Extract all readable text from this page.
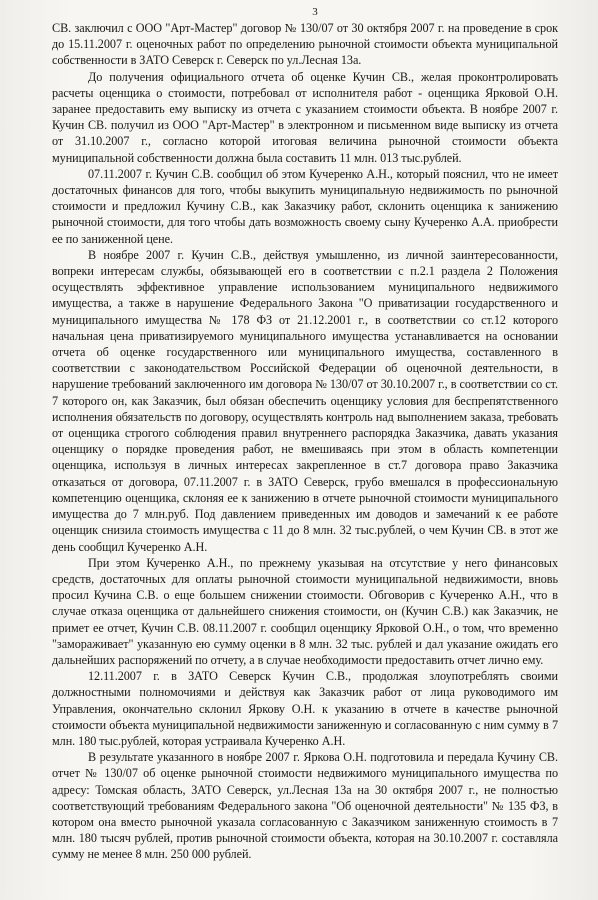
3

СВ. заключил с ООО "Арт-Мастер" договор № 130/07 от 30 октября 2007 г. на проведение в срок до 15.11.2007 г. оценочных работ по определению рыночной стоимости объекта муниципальной собственности в ЗАТО Северск г. Северск по ул.Лесная 13а.

До получения официального отчета об оценке Кучин СВ., желая проконтролировать расчеты оценщика о стоимости, потребовал от исполнителя работ - оценщика Ярковой О.Н. заранее предоставить ему выписку из отчета с указанием стоимости объекта. В ноябре 2007 г. Кучин СВ. получил из ООО "Арт-Мастер" в электронном и письменном виде выписку из отчета от 31.10.2007 г., согласно которой итоговая величина рыночной стоимости объекта муниципальной собственности должна была составить 11 млн. 013 тыс.рублей.

07.11.2007 г. Кучин С.В. сообщил об этом Кучеренко А.Н., который пояснил, что не имеет достаточных финансов для того, чтобы выкупить муниципальную недвижимость по рыночной стоимости и предложил Кучину С.В., как Заказчику работ, склонить оценщика к занижению рыночной стоимости, для того чтобы дать возможность своему сыну Кучеренко А.А. приобрести ее по заниженной цене.

В ноябре 2007 г. Кучин С.В., действуя умышленно, из личной заинтересованности, вопреки интересам службы, обязывающей его в соответствии с п.2.1 раздела 2 Положения осуществлять эффективное управление использованием муниципального недвижимого имущества, а также в нарушение Федерального Закона "О приватизации государственного и муниципального имущества № 178 ФЗ от 21.12.2001 г., в соответствии со ст.12 которого начальная цена приватизируемого муниципального имущества устанавливается на основании отчета об оценке государственного или муниципального имущества, составленного в соответствии с законодательством Российской Федерации об оценочной деятельности, в нарушение требований заключенного им договора № 130/07 от 30.10.2007 г., в соответствии со ст. 7 которого он, как Заказчик, был обязан обеспечить оценщику условия для беспрепятственного исполнения обязательств по договору, осуществлять контроль над выполнением заказа, требовать от оценщика строгого соблюдения правил внутреннего распорядка Заказчика, давать указания оценщику о порядке проведения работ, не вмешиваясь при этом в область компетенции оценщика, используя в личных интересах закрепленное в ст.7 договора право Заказчика отказаться от договора, 07.11.2007 г. в ЗАТО Северск, грубо вмешался в профессиональную компетенцию оценщика, склоняя ее к занижению в отчете рыночной стоимости муниципального имущества до 7 млн.руб. Под давлением приведенных им доводов и замечаний к ее работе оценщик снизила стоимость имущества с 11 до 8 млн. 32 тыс.рублей, о чем Кучин СВ. в этот же день сообщил Кучеренко А.Н.

При этом Кучеренко А.Н., по прежнему указывая на отсутствие у него финансовых средств, достаточных для оплаты рыночной стоимости муниципальной недвижимости, вновь просил Кучина С.В. о еще большем снижении стоимости. Обговорив с Кучеренко А.Н., что в случае отказа оценщика от дальнейшего снижения стоимости, он (Кучин С.В.) как Заказчик, не примет ее отчет, Кучин С.В. 08.11.2007 г. сообщил оценщику Ярковой О.Н., о том, что временно "замораживает" указанную ею сумму оценки в 8 млн. 32 тыс. рублей и дал указание ожидать его дальнейших распоряжений по отчету, а в случае необходимости предоставить отчет лично ему.

12.11.2007 г. в ЗАТО Северск Кучин С.В., продолжая злоупотреблять своими должностными полномочиями и действуя как Заказчик работ от лица руководимого им Управления, окончательно склонил Яркову О.Н. к указанию в отчете в качестве рыночной стоимости объекта муниципальной недвижимости заниженную и согласованную с ним сумму в 7 млн. 180 тыс.рублей, которая устраивала Кучеренко А.Н.

В результате указанного в ноябре 2007 г. Яркова О.Н. подготовила и передала Кучину СВ. отчет № 130/07 об оценке рыночной стоимости недвижимого муниципального имущества по адресу: Томская область, ЗАТО Северск, ул.Лесная 13а на 30 октября 2007 г., не полностью соответствующий требованиям Федерального закона "Об оценочной деятельности" № 135 ФЗ, в котором она вместо рыночной указала согласованную с Заказчиком заниженную стоимость в 7 млн. 180 тысяч рублей, против рыночной стоимости объекта, которая на 30.10.2007 г. составляла сумму не менее 8 млн. 250 000 рублей.
